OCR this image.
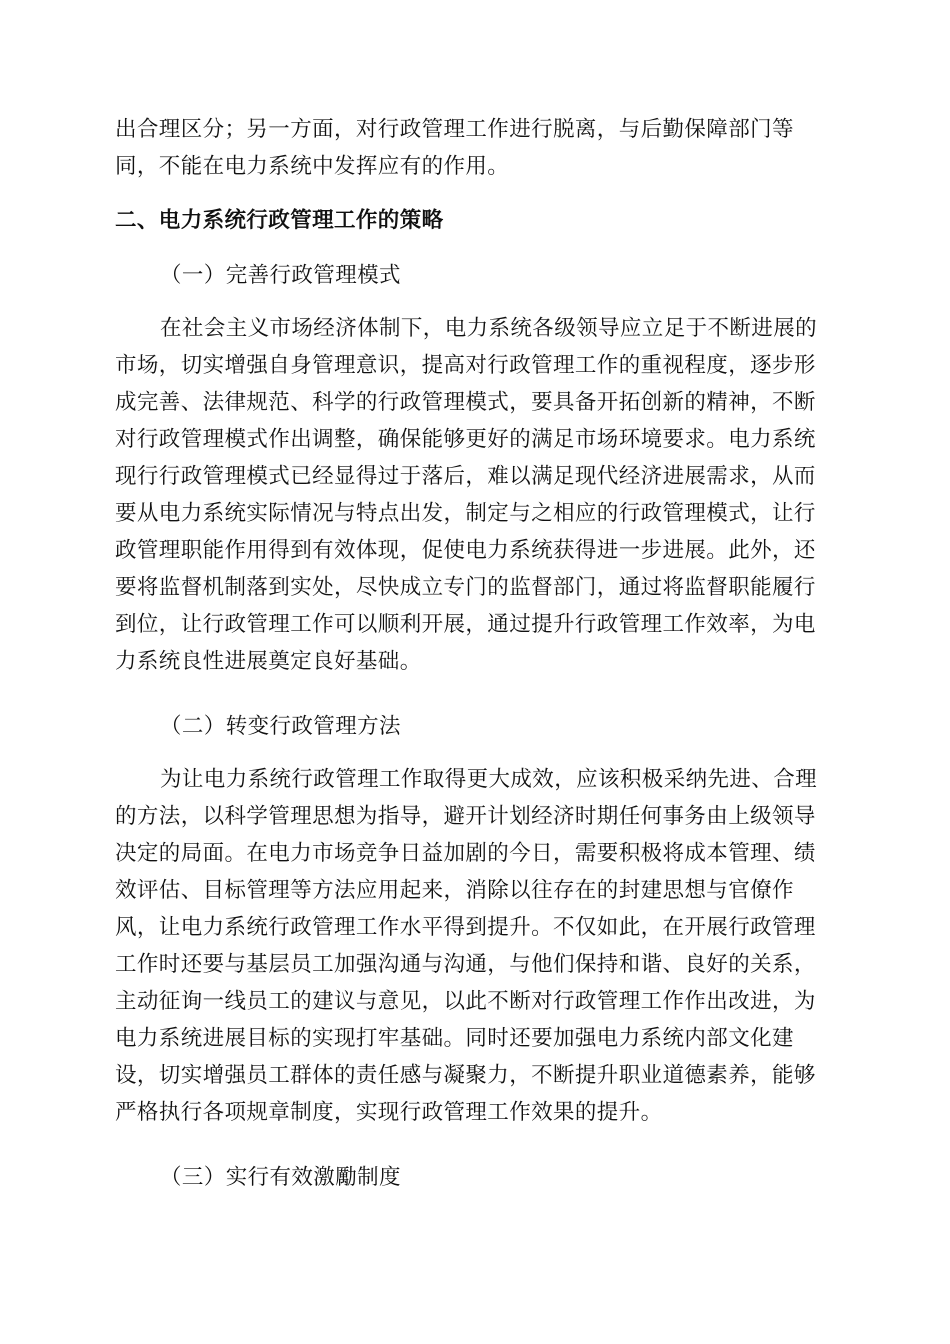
出合理区分；另一方面，对行政管理工作进行脱离，与后勤保障部门等
同，不能在电力系统中发挥应有的作用。
二、电力系统行政管理工作的策略
（一）完善行政管理模式
在社会主义市场经济体制下，电力系统各级领导应立足于不断进展的
市场，切实增强自身管理意识，提高对行政管理工作的重视程度，逐步形
成完善、法律规范、科学的行政管理模式，要具备开拓创新的精神，不断
对行政管理模式作出调整，确保能够更好的满足市场环境要求。电力系统
现行行政管理模式已经显得过于落后，难以满足现代经济进展需求，从而
要从电力系统实际情况与特点出发，制定与之相应的行政管理模式，让行
政管理职能作用得到有效体现，促使电力系统获得进一步进展。此外，还
要将监督机制落到实处，尽快成立专门的监督部门，通过将监督职能履行
到位，让行政管理工作可以顺利开展，通过提升行政管理工作效率，为电
力系统良性进展奠定良好基础。
（二）转变行政管理方法
为让电力系统行政管理工作取得更大成效，应该积极采纳先进、合理
的方法，以科学管理思想为指导，避开计划经济时期任何事务由上级领导
决定的局面。在电力市场竞争日益加剧的今日，需要积极将成本管理、绩
效评估、目标管理等方法应用起来，消除以往存在的封建思想与官僚作
风，让电力系统行政管理工作水平得到提升。不仅如此，在开展行政管理
工作时还要与基层员工加强沟通与沟通，与他们保持和谐、良好的关系，
主动征询一线员工的建议与意见，以此不断对行政管理工作作出改进，为
电力系统进展目标的实现打牢基础。同时还要加强电力系统内部文化建
设，切实增强员工群体的责任感与凝聚力，不断提升职业道德素养，能够
严格执行各项规章制度，实现行政管理工作效果的提升。
（三）实行有效激勵制度
